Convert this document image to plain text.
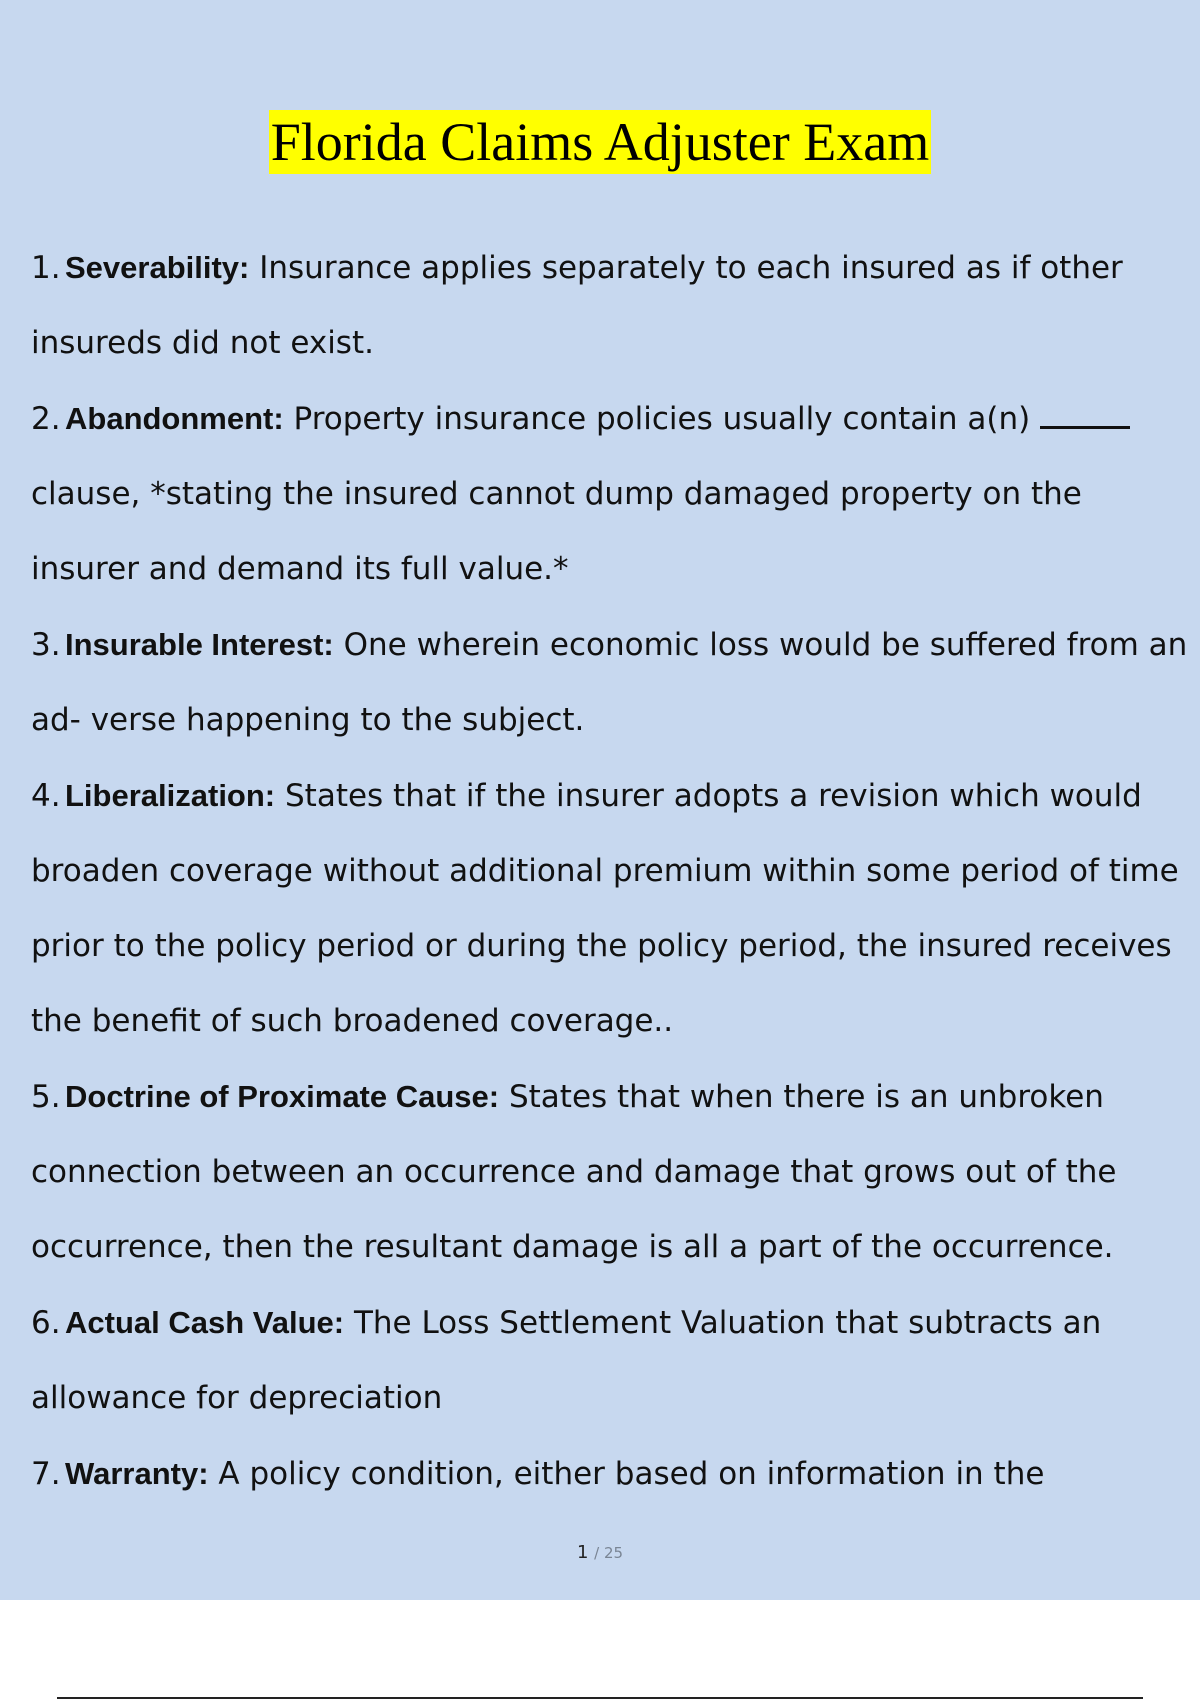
Florida Claims Adjuster Exam

1. Severability: Insurance applies separately to each insured as if other insureds did not exist.

2. Abandonment: Property insurance policies usually contain a(n)  clause, *stating the insured cannot dump damaged property on the insurer and demand its full value.*

3. Insurable Interest: One wherein economic loss would be suffered from an ad- verse happening to the subject.

4. Liberalization: States that if the insurer adopts a revision which would broaden coverage without additional premium within some period of time prior to the policy period or during the policy period, the insured receives the benefit of such broadened coverage..

5. Doctrine of Proximate Cause: States that when there is an unbroken connection between an occurrence and damage that grows out of the occurrence, then the resultant damage is all a part of the occurrence.

6. Actual Cash Value: The Loss Settlement Valuation that subtracts an allowance for depreciation

7. Warranty: A policy condition, either based on information in the

1 / 25
